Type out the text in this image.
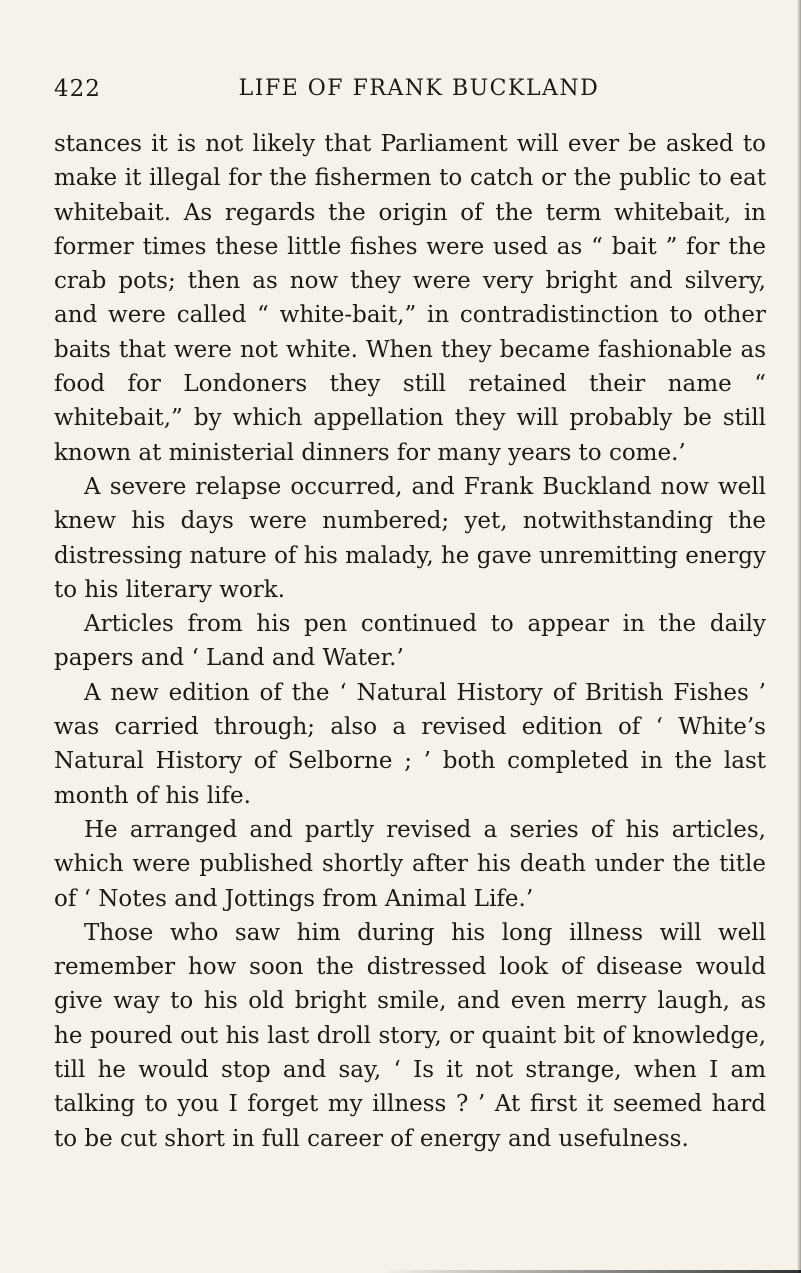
422	LIFE OF FRANK BUCKLAND

stances it is not likely that Parliament will ever be asked to make it illegal for the fishermen to catch or the public to eat whitebait. As regards the origin of the term whitebait, in former times these little fishes were used as “ bait ” for the crab pots; then as now they were very bright and silvery, and were called “ white-bait,” in contradistinction to other baits that were not white. When they became fashionable as food for Londoners they still retained their name “ whitebait,” by which appellation they will probably be still known at ministerial dinners for many years to come.’

A severe relapse occurred, and Frank Buckland now well knew his days were numbered; yet, notwithstanding the distressing nature of his malady, he gave unremitting energy to his literary work.

Articles from his pen continued to appear in the daily papers and ‘ Land and Water.’

A new edition of the ‘ Natural History of British Fishes ’ was carried through; also a revised edition of ‘ White’s Natural History of Selborne ; ’ both completed in the last month of his life.

He arranged and partly revised a series of his articles, which were published shortly after his death under the title of ‘ Notes and Jottings from Animal Life.’

Those who saw him during his long illness will well remember how soon the distressed look of disease would give way to his old bright smile, and even merry laugh, as he poured out his last droll story, or quaint bit of knowledge, till he would stop and say, ‘ Is it not strange, when I am talking to you I forget my illness ? ’ At first it seemed hard to be cut short in full career of energy and usefulness.
